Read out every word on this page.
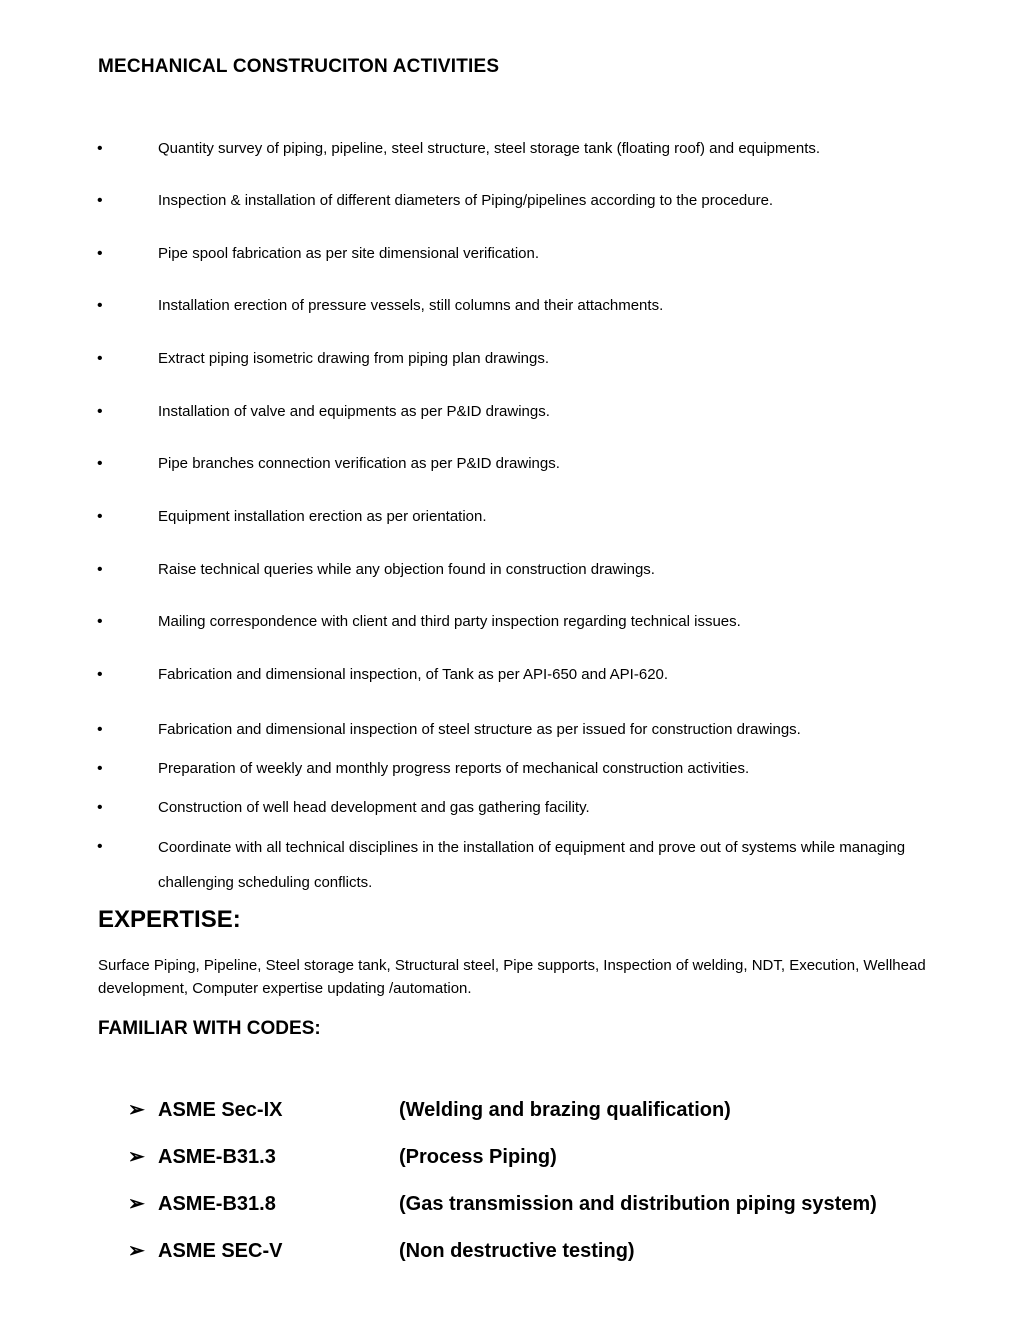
MECHANICAL CONSTRUCITON ACTIVITIES
•	Quantity survey of piping, pipeline, steel structure, steel storage tank (floating roof) and equipments.
•	Inspection & installation of different diameters of Piping/pipelines according to the procedure.
•	Pipe spool fabrication as per site dimensional verification.
•	Installation erection of pressure vessels, still columns and their attachments.
•	Extract piping isometric drawing from piping plan drawings.
•	Installation of valve and equipments as per P&ID drawings.
•	Pipe branches connection verification as per P&ID drawings.
•	Equipment installation erection as per orientation.
•	Raise technical queries while any objection found in construction drawings.
•	Mailing correspondence with client and third party inspection regarding technical issues.
•	Fabrication and dimensional inspection, of Tank as per API-650 and API-620.
•	Fabrication and dimensional inspection of steel structure as per issued for construction drawings.
•	Preparation of weekly and monthly progress reports of mechanical construction activities.
•	Construction of well head development and gas gathering facility.
•	Coordinate with all technical disciplines in the installation of equipment and prove out of systems while managing challenging scheduling conflicts.
EXPERTISE:
Surface Piping, Pipeline, Steel storage tank, Structural steel, Pipe supports, Inspection of welding, NDT, Execution, Wellhead development, Computer expertise updating /automation.
FAMILIAR WITH CODES:
➢ ASME Sec-IX	(Welding and brazing qualification)
➢ ASME-B31.3	(Process Piping)
➢ ASME-B31.8	(Gas transmission and distribution piping system)
➢ ASME SEC-V	(Non destructive testing)
